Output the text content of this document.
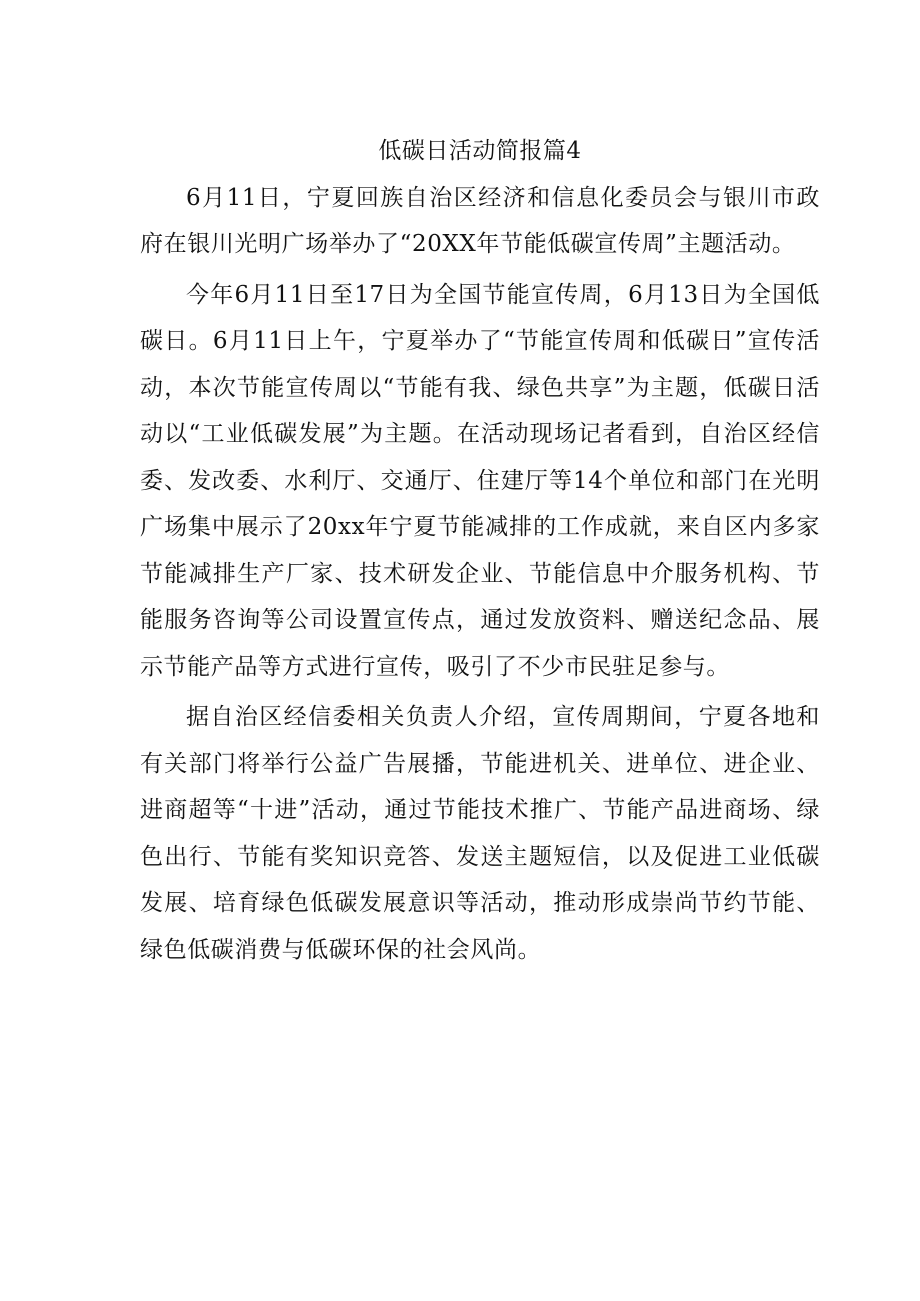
低碳日活动简报篇4

6月11日，宁夏回族自治区经济和信息化委员会与银川市政府在银川光明广场举办了“20XX年节能低碳宣传周”主题活动。

今年6月11日至17日为全国节能宣传周，6月13日为全国低碳日。6月11日上午，宁夏举办了“节能宣传周和低碳日”宣传活动，本次节能宣传周以“节能有我、绿色共享”为主题，低碳日活动以“工业低碳发展”为主题。在活动现场记者看到，自治区经信委、发改委、水利厅、交通厅、住建厅等14个单位和部门在光明广场集中展示了20xx年宁夏节能减排的工作成就，来自区内多家节能减排生产厂家、技术研发企业、节能信息中介服务机构、节能服务咨询等公司设置宣传点，通过发放资料、赠送纪念品、展示节能产品等方式进行宣传，吸引了不少市民驻足参与。

据自治区经信委相关负责人介绍，宣传周期间，宁夏各地和有关部门将举行公益广告展播，节能进机关、进单位、进企业、进商超等“十进”活动，通过节能技术推广、节能产品进商场、绿色出行、节能有奖知识竞答、发送主题短信，以及促进工业低碳发展、培育绿色低碳发展意识等活动，推动形成崇尚节约节能、绿色低碳消费与低碳环保的社会风尚。
